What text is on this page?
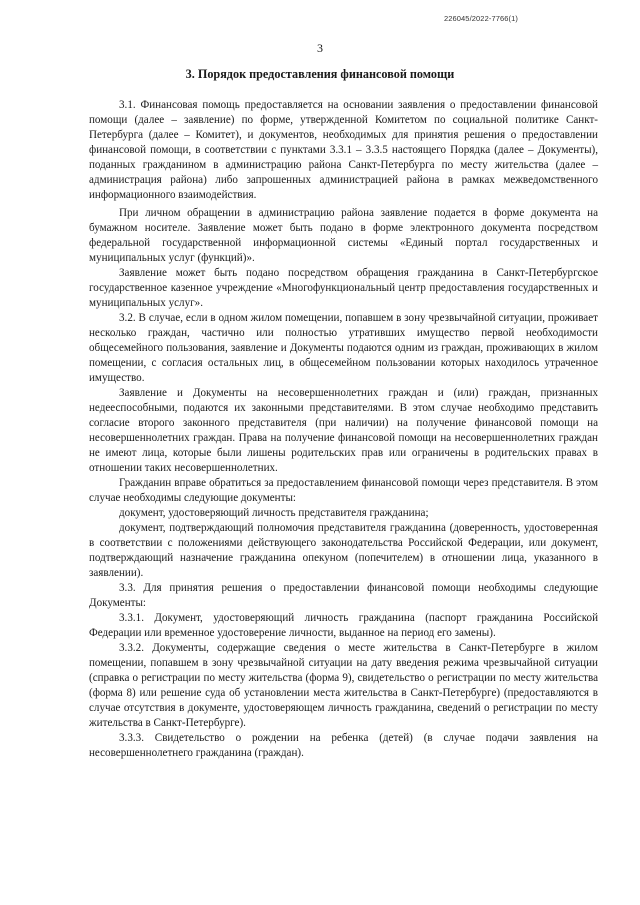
226045/2022-7766(1)
3
3. Порядок предоставления финансовой помощи

3.1. Финансовая помощь предоставляется на основании заявления о предоставлении финансовой помощи (далее – заявление) по форме, утвержденной Комитетом по социальной политике Санкт-Петербурга (далее – Комитет), и документов, необходимых для принятия решения о предоставлении финансовой помощи, в соответствии с пунктами 3.3.1 – 3.3.5 настоящего Порядка (далее – Документы), поданных гражданином в администрацию района Санкт-Петербурга по месту жительства (далее – администрация района) либо запрошенных администрацией района в рамках межведомственного информационного взаимодействия.

При личном обращении в администрацию района заявление подается в форме документа на бумажном носителе. Заявление может быть подано в форме электронного документа посредством федеральной государственной информационной системы «Единый портал государственных и муниципальных услуг (функций)».

Заявление может быть подано посредством обращения гражданина в Санкт-Петербургское государственное казенное учреждение «Многофункциональный центр предоставления государственных и муниципальных услуг».

3.2. В случае, если в одном жилом помещении, попавшем в зону чрезвычайной ситуации, проживает несколько граждан, частично или полностью утративших имущество первой необходимости общесемейного пользования, заявление и Документы подаются одним из граждан, проживающих в жилом помещении, с согласия остальных лиц, в общесемейном пользовании которых находилось утраченное имущество.

Заявление и Документы на несовершеннолетних граждан и (или) граждан, признанных недееспособными, подаются их законными представителями. В этом случае необходимо представить согласие второго законного представителя (при наличии) на получение финансовой помощи на несовершеннолетних граждан. Права на получение финансовой помощи на несовершеннолетних граждан не имеют лица, которые были лишены родительских прав или ограничены в родительских правах в отношении таких несовершеннолетних.

Гражданин вправе обратиться за предоставлением финансовой помощи через представителя. В этом случае необходимы следующие документы:

документ, удостоверяющий личность представителя гражданина;

документ, подтверждающий полномочия представителя гражданина (доверенность, удостоверенная в соответствии с положениями действующего законодательства Российской Федерации, или документ, подтверждающий назначение гражданина опекуном (попечителем) в отношении лица, указанного в заявлении).

3.3. Для принятия решения о предоставлении финансовой помощи необходимы следующие Документы:

3.3.1. Документ, удостоверяющий личность гражданина (паспорт гражданина Российской Федерации или временное удостоверение личности, выданное на период его замены).

3.3.2. Документы, содержащие сведения о месте жительства в Санкт-Петербурге в жилом помещении, попавшем в зону чрезвычайной ситуации на дату введения режима чрезвычайной ситуации (справка о регистрации по месту жительства (форма 9), свидетельство о регистрации по месту жительства (форма 8) или решение суда об установлении места жительства в Санкт-Петербурге) (предоставляются в случае отсутствия в документе, удостоверяющем личность гражданина, сведений о регистрации по месту жительства в Санкт-Петербурге).

3.3.3. Свидетельство о рождении на ребенка (детей) (в случае подачи заявления на несовершеннолетнего гражданина (граждан).
